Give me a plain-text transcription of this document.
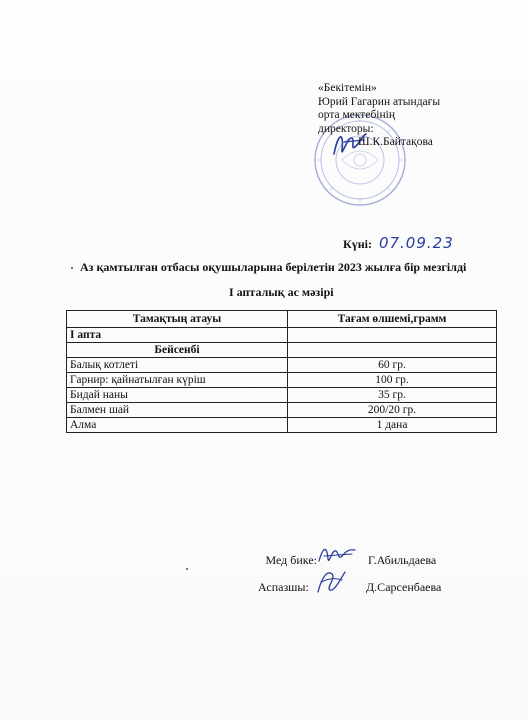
«Бекітемін»
Юрий Гагарин атындағы
орта мектебінің
директоры:
Ш.К.Байтақова
Күні: 07.09.23
Аз қамтылған отбасы оқушыларына берілетін 2023 жылға бір мезгілді
I апталық ас мәзірі
Тамақтың атауы	Тағам өлшемі,грамм
I апта	
Бейсенбі	
Балық котлеті	60 гр.
Гарнир: қайнатылған күріш	100 гр.
Бидай наны	35 гр.
Балмен шай	200/20 гр.
Алма	1 дана
Мед бике:	Г.Абильдаева
Аспазшы:	Д.Сарсенбаева
